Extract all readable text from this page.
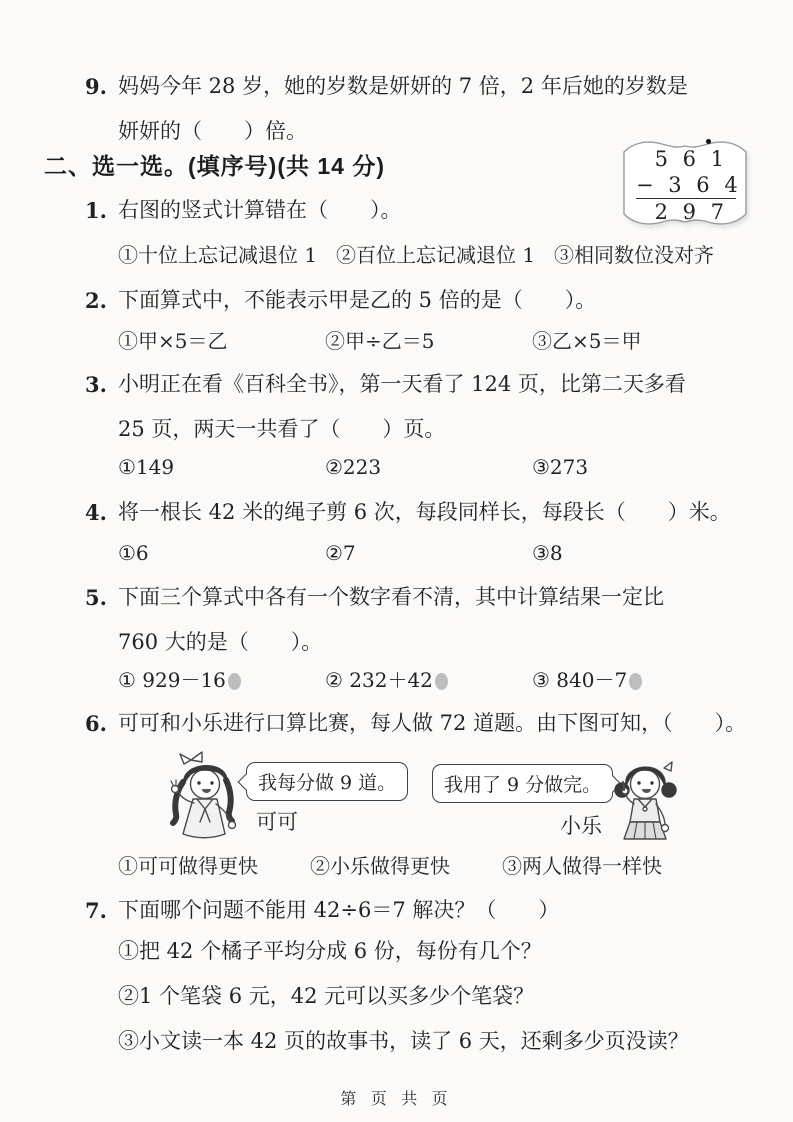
9. 妈妈今年 28 岁，她的岁数是妍妍的 7 倍，2 年后她的岁数是
妍妍的（　　）倍。
二、选一选。(填序号)(共 14 分)	5 6 1
− 3 6 4
2 9 7
1. 右图的竖式计算错在（　　）。
①十位上忘记减退位 1 ②百位上忘记减退位 1 ③相同数位没对齐
2. 下面算式中，不能表示甲是乙的 5 倍的是（　　）。
①甲×5＝乙	②甲÷乙＝5	③乙×5＝甲
3. 小明正在看《百科全书》，第一天看了 124 页，比第二天多看
25 页，两天一共看了（　　）页。
①149	②223	③273
4. 将一根长 42 米的绳子剪 6 次，每段同样长，每段长（　　）米。
①6	②7	③8
5. 下面三个算式中各有一个数字看不清，其中计算结果一定比
760 大的是（　　）。
① 929－16	② 232＋42	③ 840－7
6. 可可和小乐进行口算比赛，每人做 72 道题。由下图可知，（　　）。
我每分做 9 道。
可可
我用了 9 分做完。
小乐
①可可做得更快	②小乐做得更快	③两人做得一样快
7. 下面哪个问题不能用 42÷6＝7 解决？（　　）
①把 42 个橘子平均分成 6 份，每份有几个？
②1 个笔袋 6 元，42 元可以买多少个笔袋？
③小文读一本 42 页的故事书，读了 6 天，还剩多少页没读？
第 页 共 页
